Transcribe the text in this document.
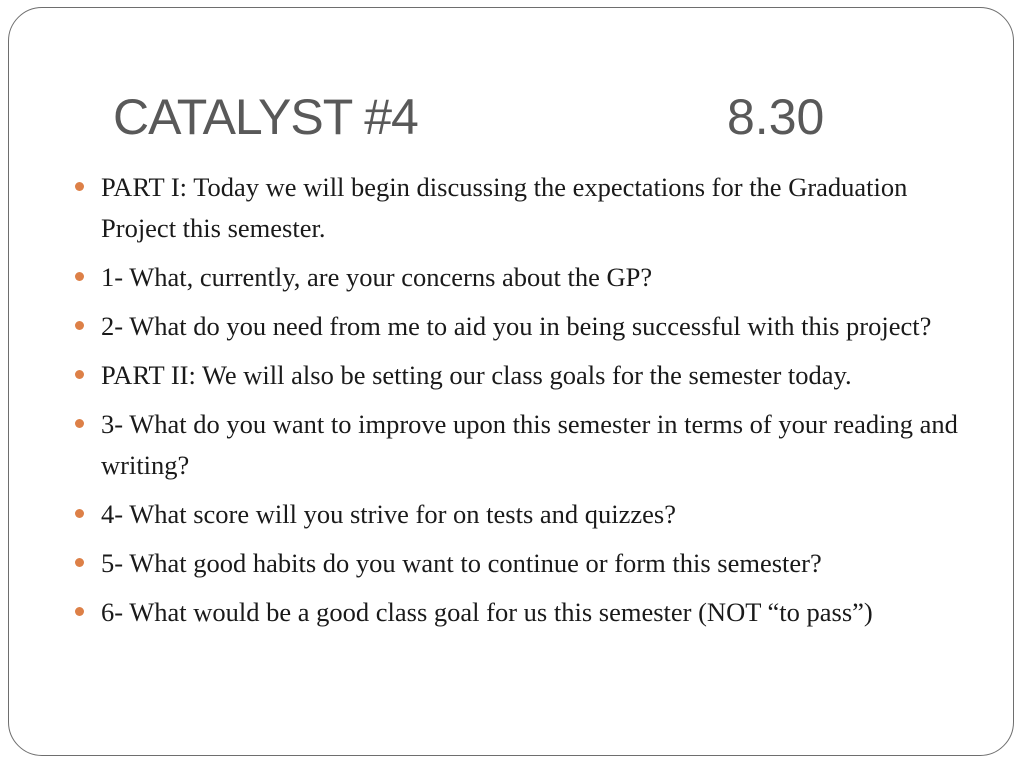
CATALYST #4	8.30
PART I: Today we will begin discussing the expectations for the Graduation Project this semester.
1- What, currently, are your concerns about the GP?
2- What do you need from me to aid you in being successful with this project?
PART II: We will also be setting our class goals for the semester today.
3- What do you want to improve upon this semester in terms of your reading and writing?
4- What score will you strive for on tests and quizzes?
5- What good habits do you want to continue or form this semester?
6- What would be a good class goal for us this semester (NOT “to pass”)
